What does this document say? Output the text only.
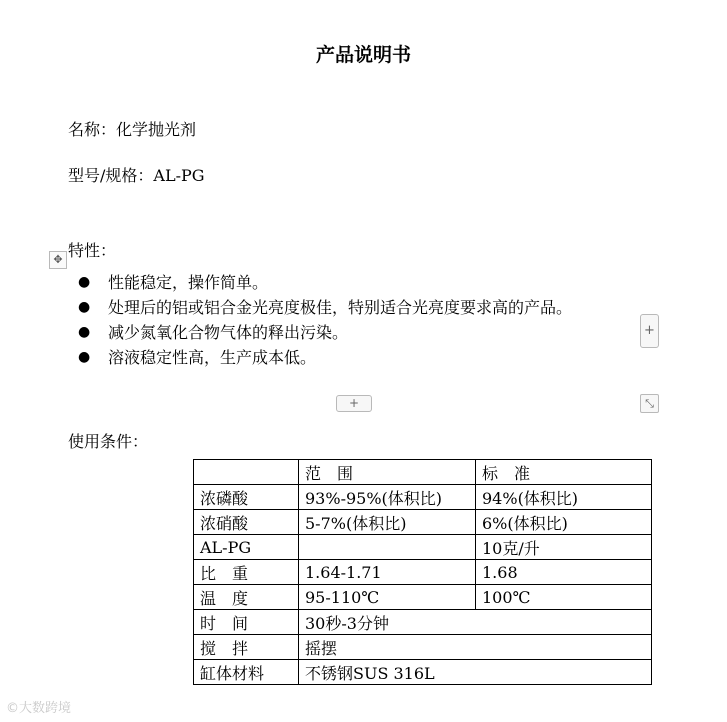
产品说明书
名称：化学抛光剂
型号/规格：AL-PG
✥ 特性：
● 性能稳定，操作简单。
● 处理后的铝或铝合金光亮度极佳，特别适合光亮度要求高的产品。
● 减少氮氧化合物气体的释出污染。
● 溶液稳定性高，生产成本低。
+
+	⤡
使用条件：
	范　围	标　准
浓磷酸	93%-95%(体积比)	94%(体积比)
浓硝酸	5-7%(体积比)	6%(体积比)
AL-PG		10克/升
比　重	1.64-1.71	1.68
温　度	95-110℃	100℃
时　间	30秒-3分钟	
搅　拌	摇摆	
缸体材料	不锈钢SUS 316L	
©大数跨境
